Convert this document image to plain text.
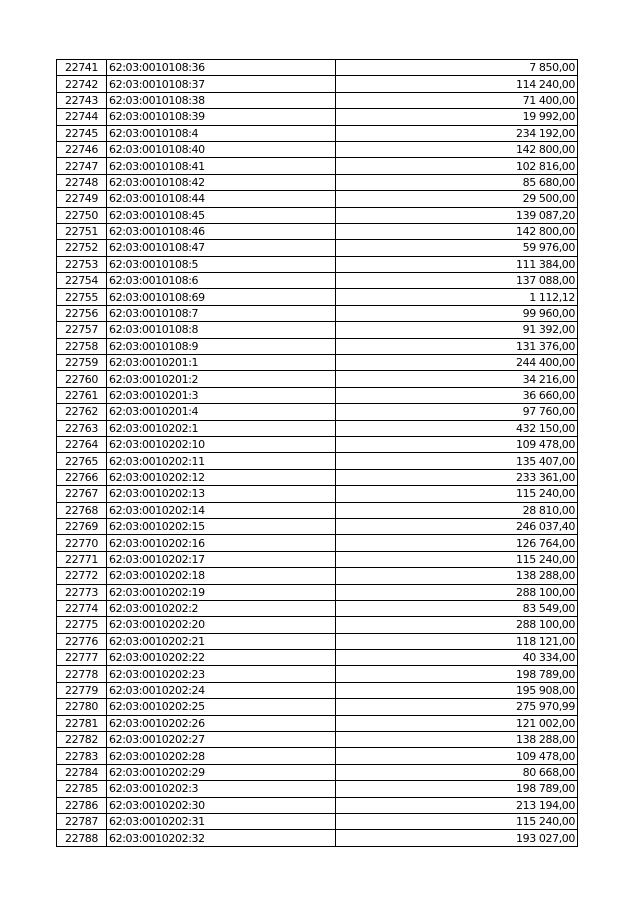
22741	62:03:0010108:36	7 850,00
22742	62:03:0010108:37	114 240,00
22743	62:03:0010108:38	71 400,00
22744	62:03:0010108:39	19 992,00
22745	62:03:0010108:4	234 192,00
22746	62:03:0010108:40	142 800,00
22747	62:03:0010108:41	102 816,00
22748	62:03:0010108:42	85 680,00
22749	62:03:0010108:44	29 500,00
22750	62:03:0010108:45	139 087,20
22751	62:03:0010108:46	142 800,00
22752	62:03:0010108:47	59 976,00
22753	62:03:0010108:5	111 384,00
22754	62:03:0010108:6	137 088,00
22755	62:03:0010108:69	1 112,12
22756	62:03:0010108:7	99 960,00
22757	62:03:0010108:8	91 392,00
22758	62:03:0010108:9	131 376,00
22759	62:03:0010201:1	244 400,00
22760	62:03:0010201:2	34 216,00
22761	62:03:0010201:3	36 660,00
22762	62:03:0010201:4	97 760,00
22763	62:03:0010202:1	432 150,00
22764	62:03:0010202:10	109 478,00
22765	62:03:0010202:11	135 407,00
22766	62:03:0010202:12	233 361,00
22767	62:03:0010202:13	115 240,00
22768	62:03:0010202:14	28 810,00
22769	62:03:0010202:15	246 037,40
22770	62:03:0010202:16	126 764,00
22771	62:03:0010202:17	115 240,00
22772	62:03:0010202:18	138 288,00
22773	62:03:0010202:19	288 100,00
22774	62:03:0010202:2	83 549,00
22775	62:03:0010202:20	288 100,00
22776	62:03:0010202:21	118 121,00
22777	62:03:0010202:22	40 334,00
22778	62:03:0010202:23	198 789,00
22779	62:03:0010202:24	195 908,00
22780	62:03:0010202:25	275 970,99
22781	62:03:0010202:26	121 002,00
22782	62:03:0010202:27	138 288,00
22783	62:03:0010202:28	109 478,00
22784	62:03:0010202:29	80 668,00
22785	62:03:0010202:3	198 789,00
22786	62:03:0010202:30	213 194,00
22787	62:03:0010202:31	115 240,00
22788	62:03:0010202:32	193 027,00
